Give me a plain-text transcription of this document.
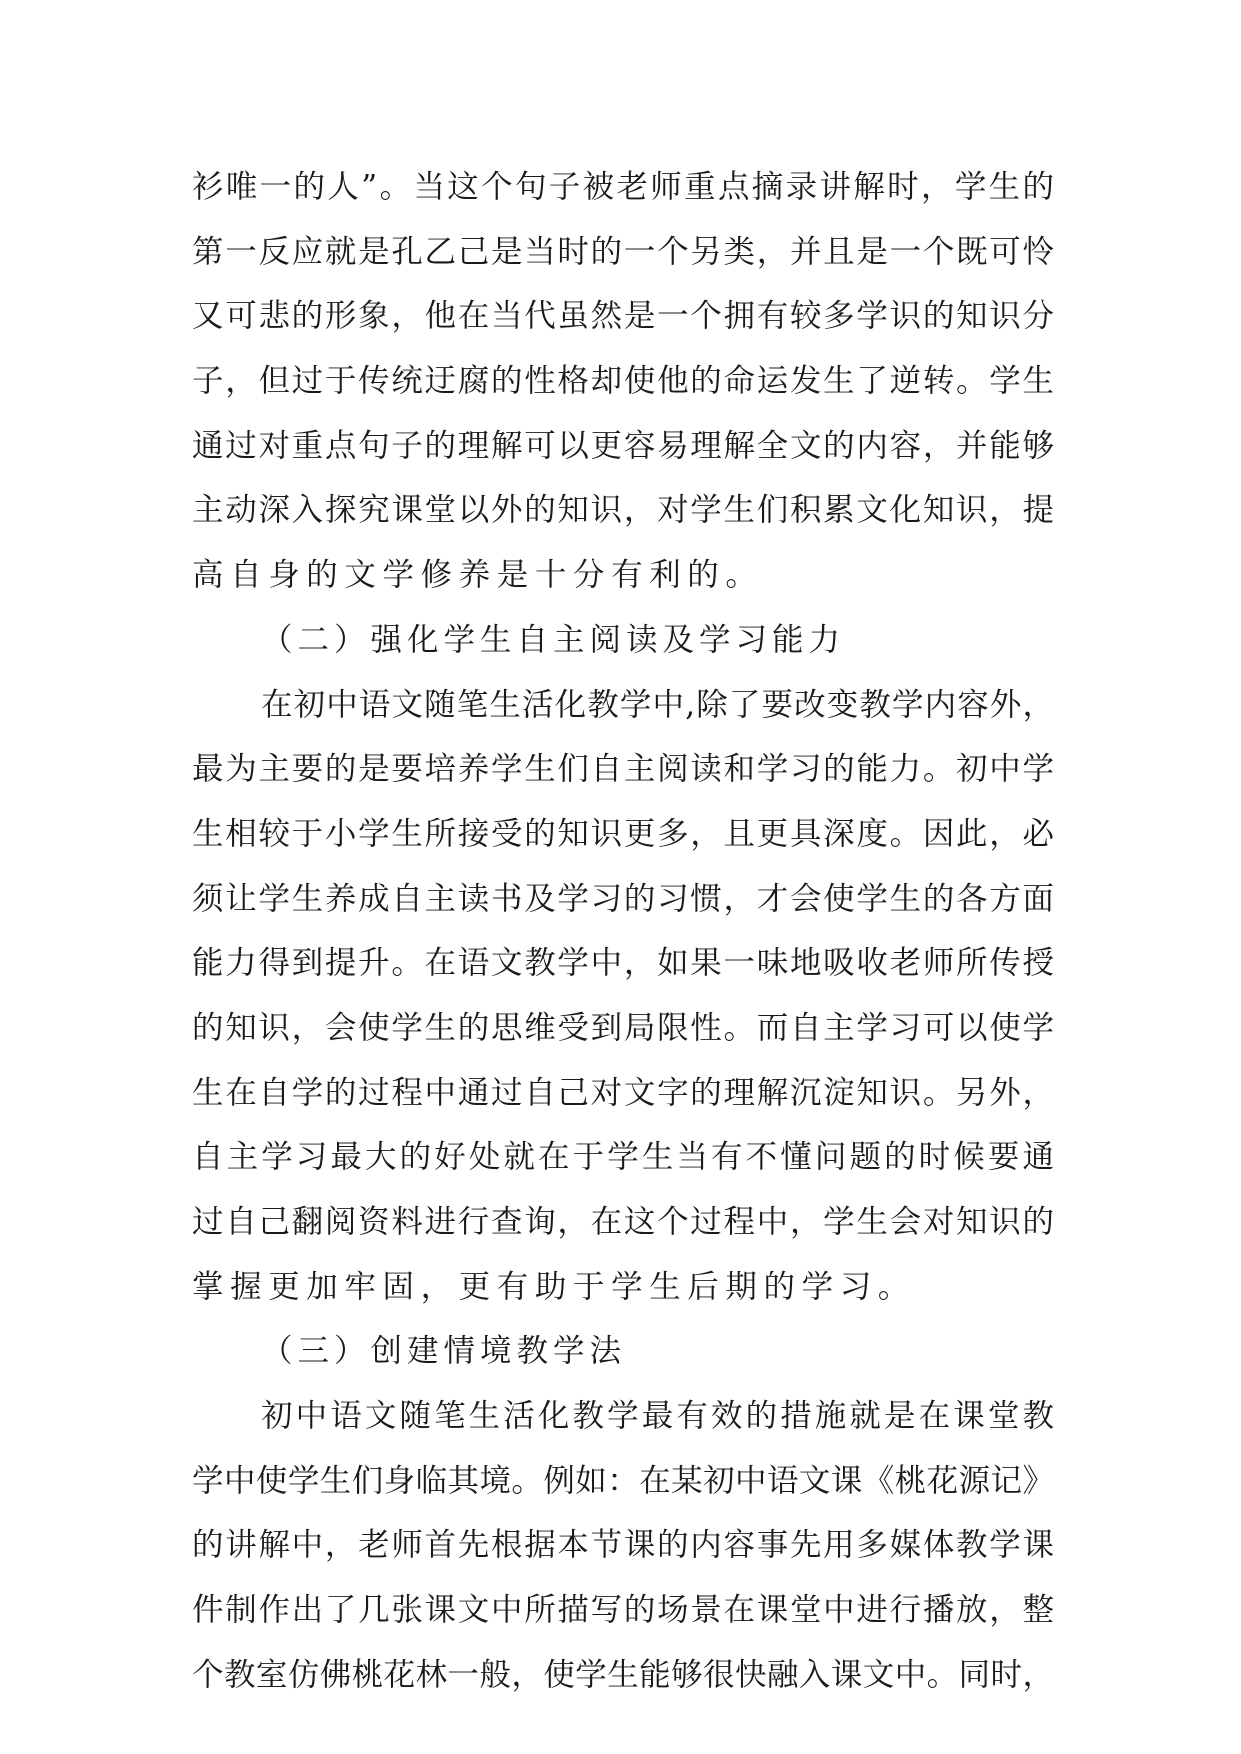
衫唯一的人”。当这个句子被老师重点摘录讲解时，学生的
第一反应就是孔乙己是当时的一个另类，并且是一个既可怜
又可悲的形象，他在当代虽然是一个拥有较多学识的知识分
子，但过于传统迂腐的性格却使他的命运发生了逆转。学生
通过对重点句子的理解可以更容易理解全文的内容，并能够
主动深入探究课堂以外的知识，对学生们积累文化知识，提
高自身的文学修养是十分有利的。
（二）强化学生自主阅读及学习能力
在初中语文随笔生活化教学中,除了要改变教学内容外，
最为主要的是要培养学生们自主阅读和学习的能力。初中学
生相较于小学生所接受的知识更多，且更具深度。因此，必
须让学生养成自主读书及学习的习惯，才会使学生的各方面
能力得到提升。在语文教学中，如果一味地吸收老师所传授
的知识，会使学生的思维受到局限性。而自主学习可以使学
生在自学的过程中通过自己对文字的理解沉淀知识。另外，
自主学习最大的好处就在于学生当有不懂问题的时候要通
过自己翻阅资料进行查询，在这个过程中，学生会对知识的
掌握更加牢固，更有助于学生后期的学习。
（三）创建情境教学法
初中语文随笔生活化教学最有效的措施就是在课堂教
学中使学生们身临其境。例如：在某初中语文课《桃花源记》
的讲解中，老师首先根据本节课的内容事先用多媒体教学课
件制作出了几张课文中所描写的场景在课堂中进行播放，整
个教室仿佛桃花林一般，使学生能够很快融入课文中。同时，
